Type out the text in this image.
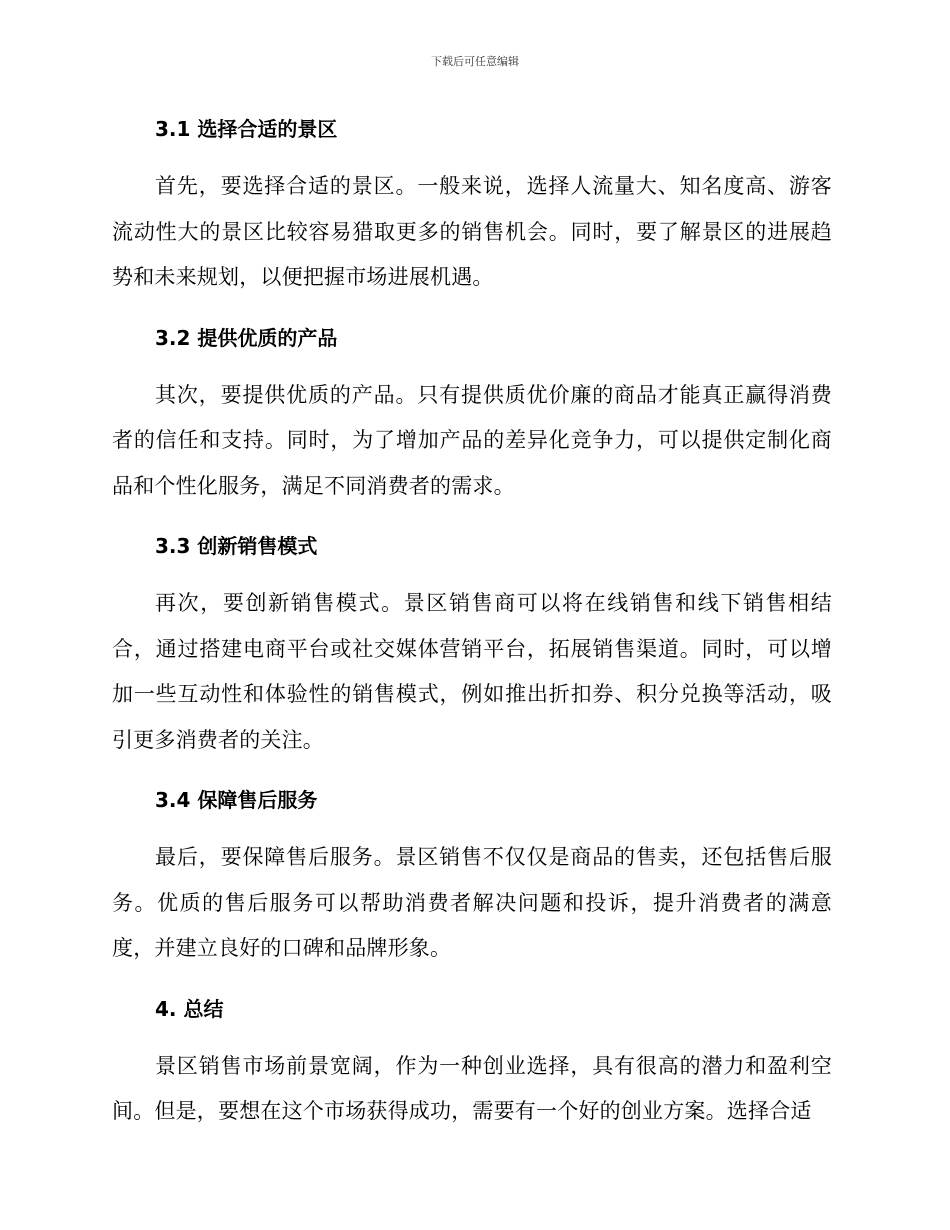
下载后可任意编辑
3.1 选择合适的景区

首先，要选择合适的景区。一般来说，选择人流量大、知名度高、游客流动性大的景区比较容易猎取更多的销售机会。同时，要了解景区的进展趋势和未来规划，以便把握市场进展机遇。

3.2 提供优质的产品

其次，要提供优质的产品。只有提供质优价廉的商品才能真正赢得消费者的信任和支持。同时，为了增加产品的差异化竞争力，可以提供定制化商品和个性化服务，满足不同消费者的需求。

3.3 创新销售模式

再次，要创新销售模式。景区销售商可以将在线销售和线下销售相结合，通过搭建电商平台或社交媒体营销平台，拓展销售渠道。同时，可以增加一些互动性和体验性的销售模式，例如推出折扣券、积分兑换等活动，吸引更多消费者的关注。

3.4 保障售后服务

最后，要保障售后服务。景区销售不仅仅是商品的售卖，还包括售后服务。优质的售后服务可以帮助消费者解决问题和投诉，提升消费者的满意度，并建立良好的口碑和品牌形象。

4. 总结

景区销售市场前景宽阔，作为一种创业选择，具有很高的潜力和盈利空间。但是，要想在这个市场获得成功，需要有一个好的创业方案。选择合适
